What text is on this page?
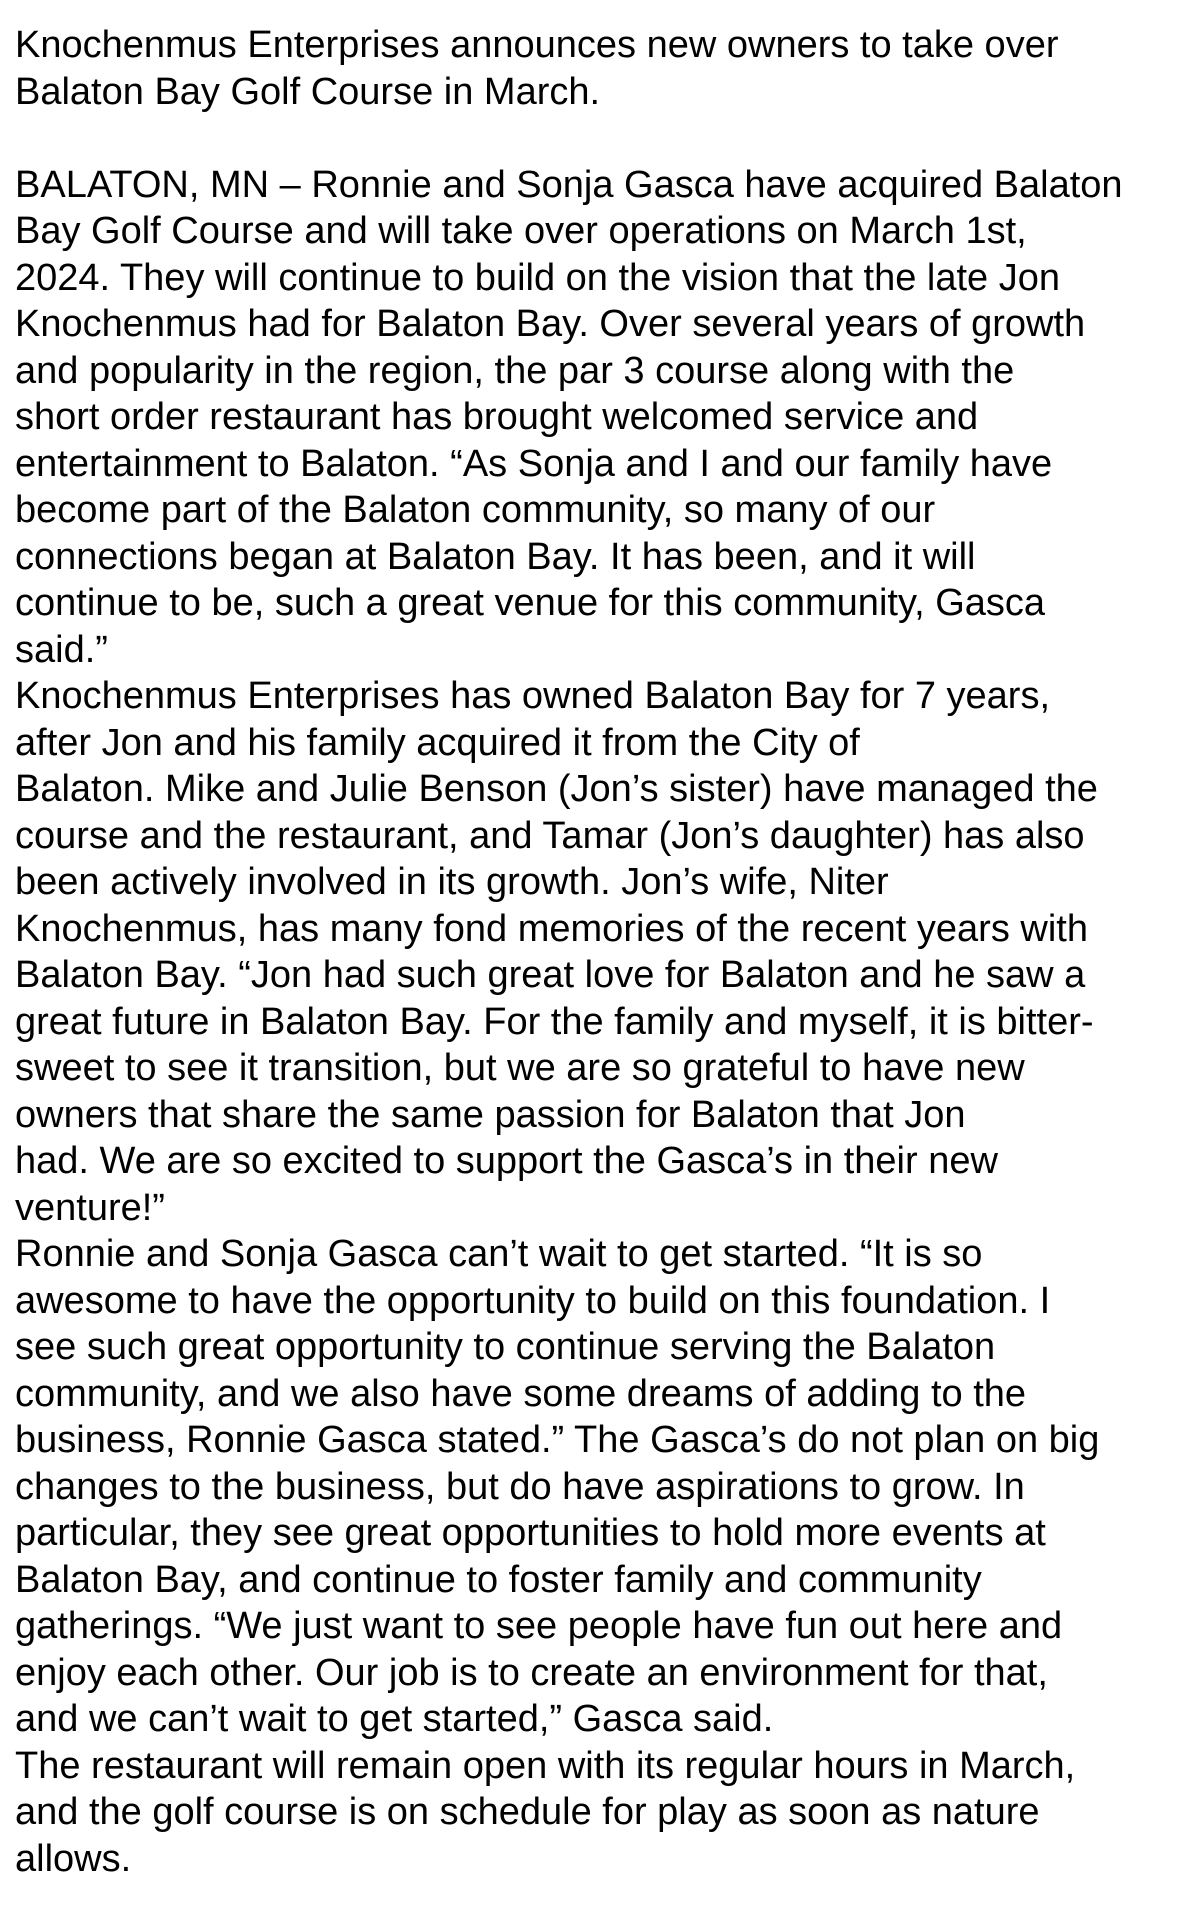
Knochenmus Enterprises announces new owners to take over
Balaton Bay Golf Course in March.

BALATON, MN – Ronnie and Sonja Gasca have acquired Balaton
Bay Golf Course and will take over operations on March 1st,
2024. They will continue to build on the vision that the late Jon
Knochenmus had for Balaton Bay. Over several years of growth
and popularity in the region, the par 3 course along with the
short order restaurant has brought welcomed service and
entertainment to Balaton. “As Sonja and I and our family have
become part of the Balaton community, so many of our
connections began at Balaton Bay. It has been, and it will
continue to be, such a great venue for this community, Gasca
said.”

Knochenmus Enterprises has owned Balaton Bay for 7 years,
after Jon and his family acquired it from the City of
Balaton. Mike and Julie Benson (Jon’s sister) have managed the
course and the restaurant, and Tamar (Jon’s daughter) has also
been actively involved in its growth. Jon’s wife, Niter
Knochenmus, has many fond memories of the recent years with
Balaton Bay. “Jon had such great love for Balaton and he saw a
great future in Balaton Bay. For the family and myself, it is bitter-
sweet to see it transition, but we are so grateful to have new
owners that share the same passion for Balaton that Jon
had. We are so excited to support the Gasca’s in their new
venture!”

Ronnie and Sonja Gasca can’t wait to get started. “It is so
awesome to have the opportunity to build on this foundation. I
see such great opportunity to continue serving the Balaton
community, and we also have some dreams of adding to the
business, Ronnie Gasca stated.” The Gasca’s do not plan on big
changes to the business, but do have aspirations to grow. In
particular, they see great opportunities to hold more events at
Balaton Bay, and continue to foster family and community
gatherings. “We just want to see people have fun out here and
enjoy each other. Our job is to create an environment for that,
and we can’t wait to get started,” Gasca said.

The restaurant will remain open with its regular hours in March,
and the golf course is on schedule for play as soon as nature
allows.
